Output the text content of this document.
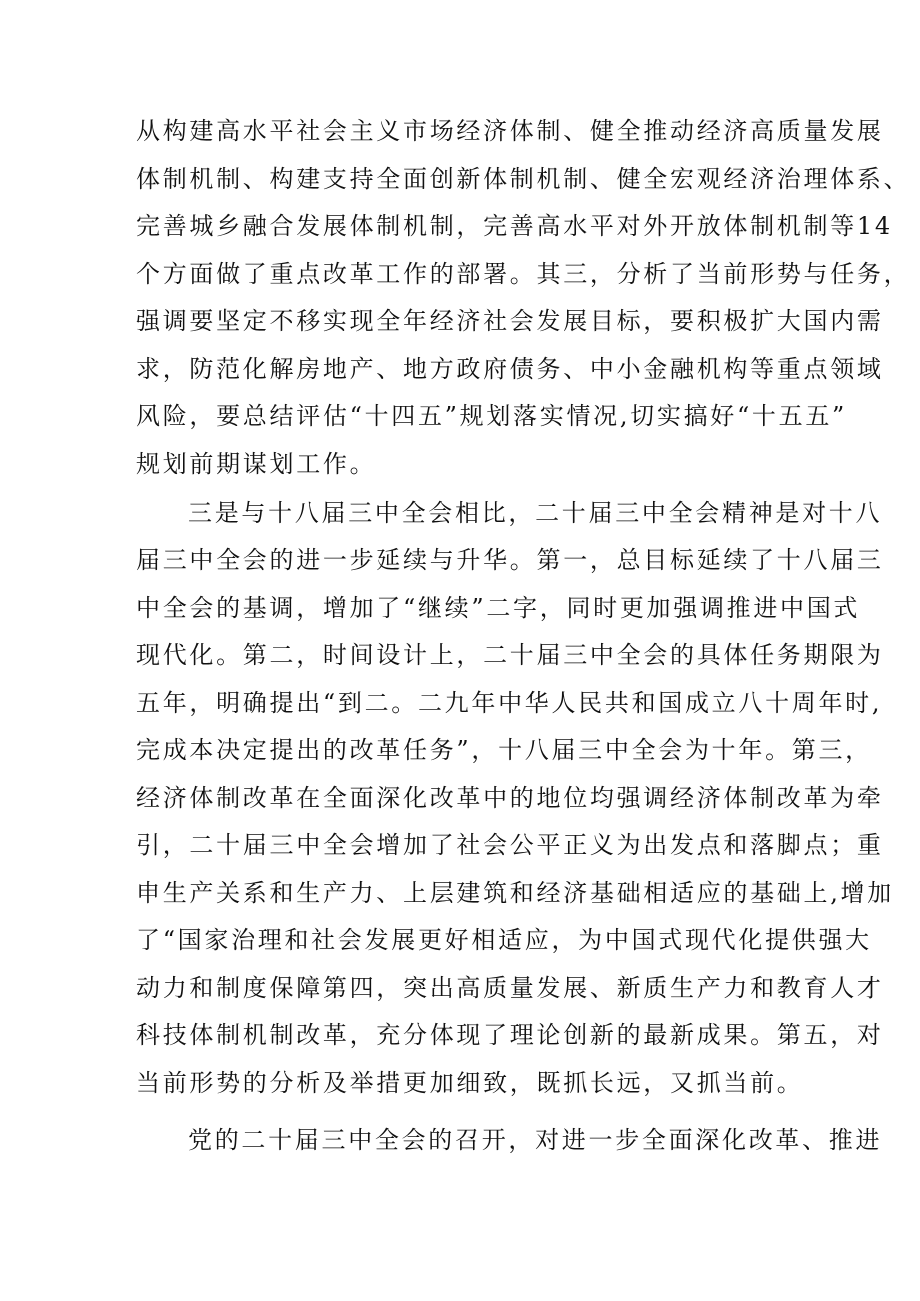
从构建高水平社会主义市场经济体制、健全推动经济高质量发展

体制机制、构建支持全面创新体制机制、健全宏观经济治理体系、

完善城乡融合发展体制机制，完善高水平对外开放体制机制等14

个方面做了重点改革工作的部署。其三，分析了当前形势与任务，

强调要坚定不移实现全年经济社会发展目标，要积极扩大国内需

求，防范化解房地产、地方政府债务、中小金融机构等重点领域

风险，要总结评估“十四五”规划落实情况,切实搞好“十五五”

规划前期谋划工作。

三是与十八届三中全会相比，二十届三中全会精神是对十八

届三中全会的进一步延续与升华。第一，总目标延续了十八届三

中全会的基调，增加了“继续”二字，同时更加强调推进中国式

现代化。第二，时间设计上，二十届三中全会的具体任务期限为

五年，明确提出“到二。二九年中华人民共和国成立八十周年时,

完成本决定提出的改革任务”，十八届三中全会为十年。第三，

经济体制改革在全面深化改革中的地位均强调经济体制改革为牵

引，二十届三中全会增加了社会公平正义为出发点和落脚点；重

申生产关系和生产力、上层建筑和经济基础相适应的基础上,增加

了“国家治理和社会发展更好相适应，为中国式现代化提供强大

动力和制度保障第四，突出高质量发展、新质生产力和教育人才

科技体制机制改革，充分体现了理论创新的最新成果。第五，对

当前形势的分析及举措更加细致，既抓长远，又抓当前。

党的二十届三中全会的召开，对进一步全面深化改革、推进
